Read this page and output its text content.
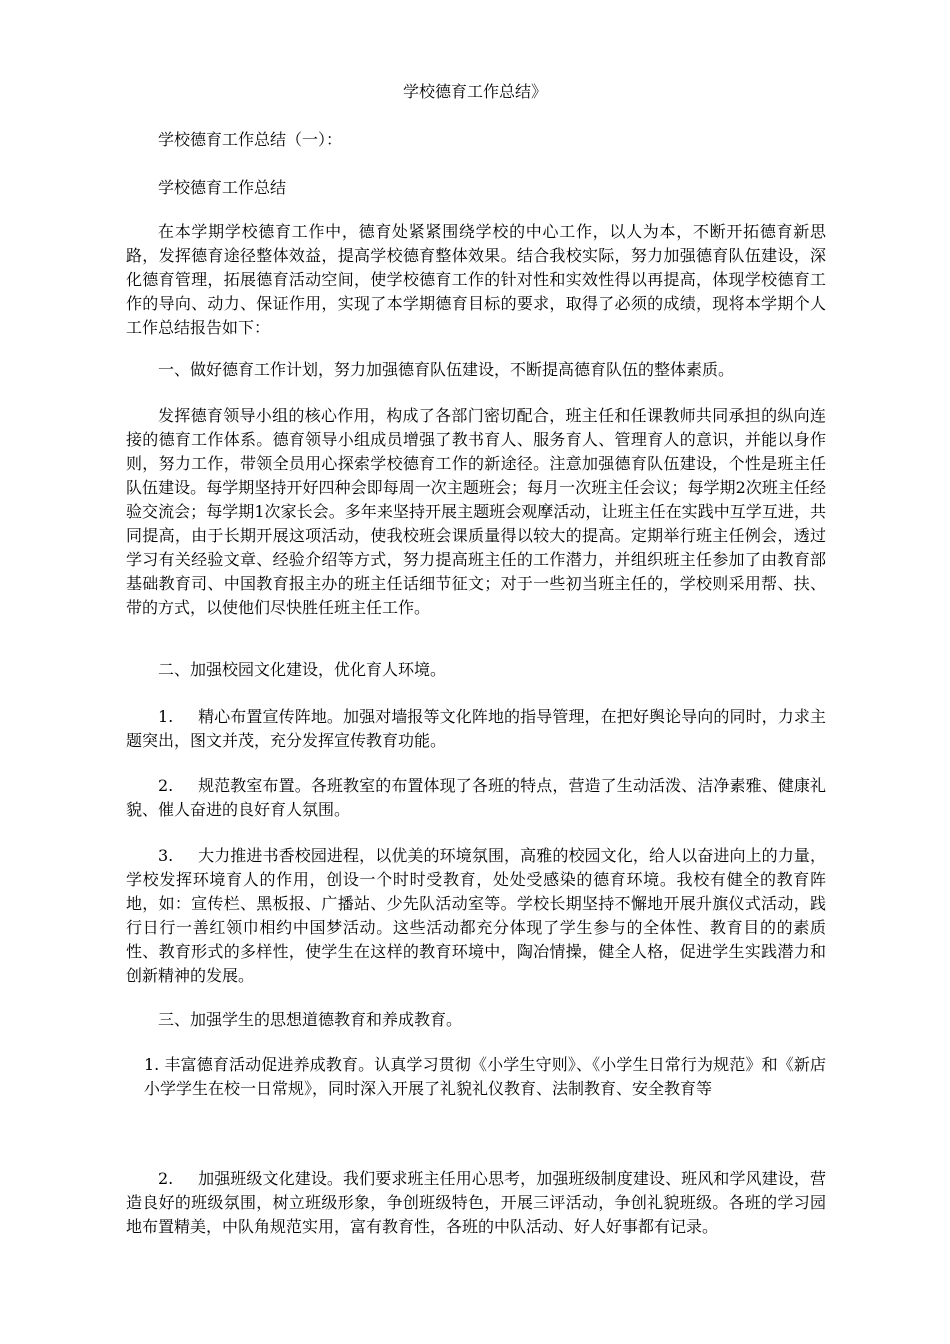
学校德育工作总结》

学校德育工作总结（一）：

学校德育工作总结

在本学期学校德育工作中，德育处紧紧围绕学校的中心工作，以人为本，不断开拓德育新思路，发挥德育途径整体效益，提高学校德育整体效果。结合我校实际，努力加强德育队伍建设，深化德育管理，拓展德育活动空间，使学校德育工作的针对性和实效性得以再提高，体现学校德育工作的导向、动力、保证作用，实现了本学期德育目标的要求，取得了必须的成绩，现将本学期个人工作总结报告如下：

一、做好德育工作计划，努力加强德育队伍建设，不断提高德育队伍的整体素质。

发挥德育领导小组的核心作用，构成了各部门密切配合，班主任和任课教师共同承担的纵向连接的德育工作体系。德育领导小组成员增强了教书育人、服务育人、管理育人的意识，并能以身作则，努力工作，带领全员用心探索学校德育工作的新途径。注意加强德育队伍建设，个性是班主任队伍建设。每学期坚持开好四种会即每周一次主题班会；每月一次班主任会议；每学期2次班主任经验交流会；每学期1次家长会。多年来坚持开展主题班会观摩活动，让班主任在实践中互学互进，共同提高，由于长期开展这项活动，使我校班会课质量得以较大的提高。定期举行班主任例会，透过学习有关经验文章、经验介绍等方式，努力提高班主任的工作潜力，并组织班主任参加了由教育部基础教育司、中国教育报主办的班主任话细节征文；对于一些初当班主任的，学校则采用帮、扶、带的方式，以使他们尽快胜任班主任工作。

二、加强校园文化建设，优化育人环境。

1. 精心布置宣传阵地。加强对墙报等文化阵地的指导管理，在把好舆论导向的同时，力求主题突出，图文并茂，充分发挥宣传教育功能。

2. 规范教室布置。各班教室的布置体现了各班的特点，营造了生动活泼、洁净素雅、健康礼貌、催人奋进的良好育人氛围。

3. 大力推进书香校园进程，以优美的环境氛围，高雅的校园文化，给人以奋进向上的力量，学校发挥环境育人的作用，创设一个时时受教育，处处受感染的德育环境。我校有健全的教育阵地，如：宣传栏、黑板报、广播站、少先队活动室等。学校长期坚持不懈地开展升旗仪式活动，践行日行一善红领巾相约中国梦活动。这些活动都充分体现了学生参与的全体性、教育目的的素质性、教育形式的多样性，使学生在这样的教育环境中，陶冶情操，健全人格，促进学生实践潜力和创新精神的发展。

三、加强学生的思想道德教育和养成教育。

1. 丰富德育活动促进养成教育。认真学习贯彻《小学生守则》、《小学生日常行为规范》和《新店小学学生在校一日常规》，同时深入开展了礼貌礼仪教育、法制教育、安全教育等

2. 加强班级文化建设。我们要求班主任用心思考，加强班级制度建设、班风和学风建设，营造良好的班级氛围，树立班级形象，争创班级特色，开展三评活动，争创礼貌班级。各班的学习园地布置精美，中队角规范实用，富有教育性，各班的中队活动、好人好事都有记录。
